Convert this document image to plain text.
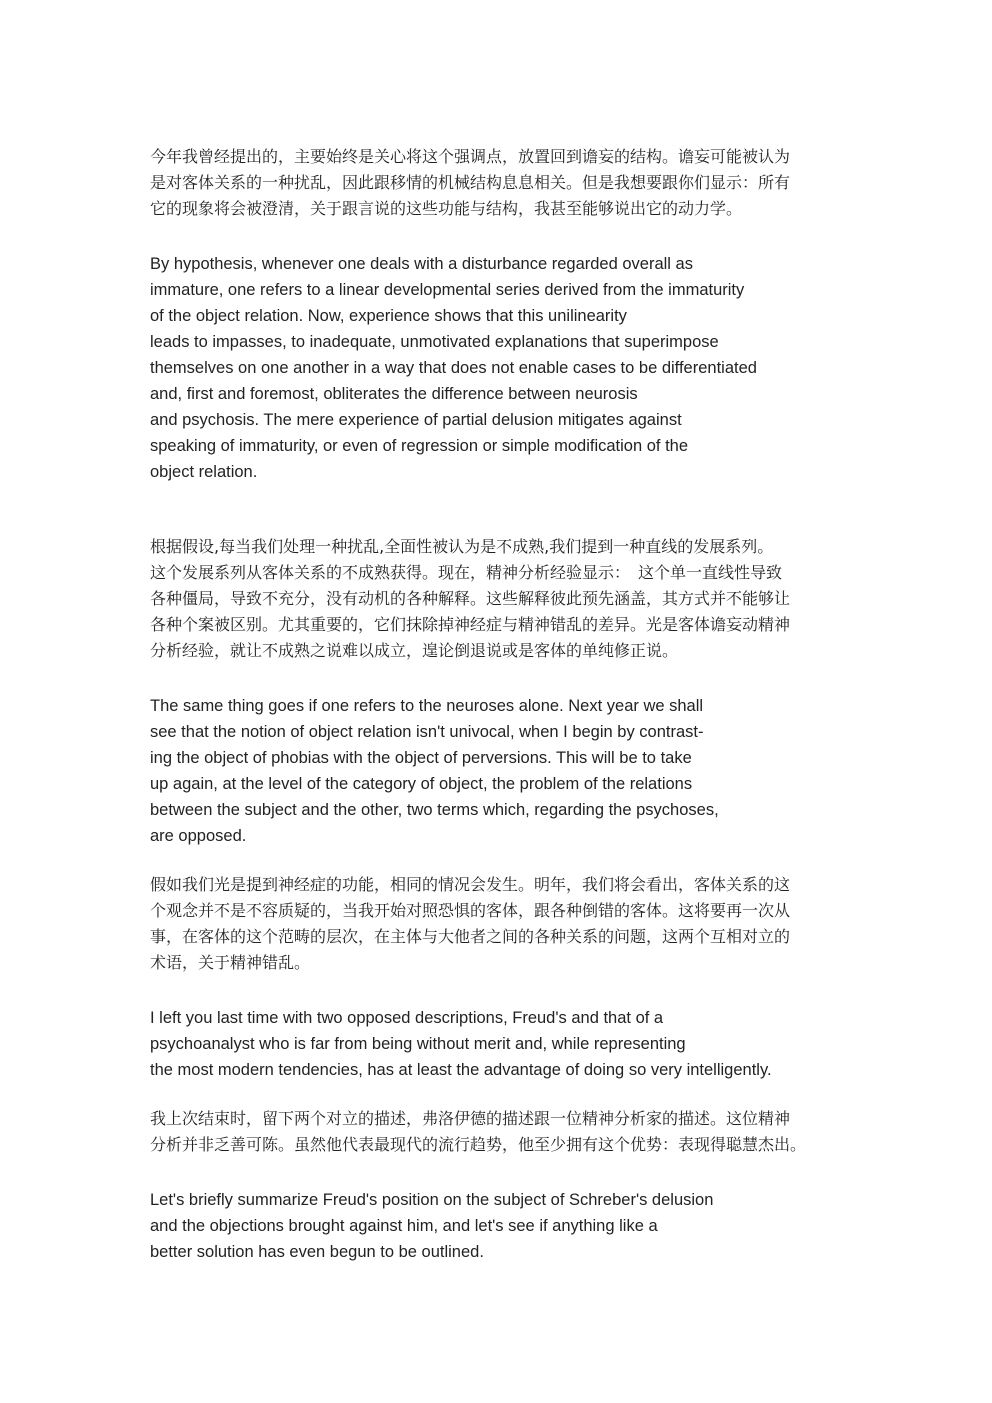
今年我曾经提出的，主要始终是关心将这个强调点，放置回到谵妄的结构。谵妄可能被认为
是对客体关系的一种扰乱，因此跟移情的机械结构息息相关。但是我想要跟你们显示：所有
它的现象将会被澄清，关于跟言说的这些功能与结构，我甚至能够说出它的动力学。
By hypothesis, whenever one deals with a disturbance regarded overall as
immature, one refers to a linear developmental series derived from the immaturity
of the object relation. Now, experience shows that this unilinearity
leads to impasses, to inadequate, unmotivated explanations that superimpose
themselves on one another in a way that does not enable cases to be differentiated
and, first and foremost, obliterates the difference between neurosis
and psychosis. The mere experience of partial delusion mitigates against
speaking of immaturity, or even of regression or simple modification of the
object relation.
根据假设,每当我们处理一种扰乱,全面性被认为是不成熟,我们提到一种直线的发展系列。
这个发展系列从客体关系的不成熟获得。现在，精神分析经验显示：　这个单一直线性导致
各种僵局，导致不充分，没有动机的各种解释。这些解释彼此预先涵盖，其方式并不能够让
各种个案被区别。尤其重要的，它们抹除掉神经症与精神错乱的差异。光是客体谵妄动精神
分析经验，就让不成熟之说难以成立，遑论倒退说或是客体的单纯修正说。
The same thing goes if one refers to the neuroses alone. Next year we shall
see that the notion of object relation isn't univocal, when I begin by contrast-
ing the object of phobias with the object of perversions. This will be to take
up again, at the level of the category of object, the problem of the relations
between the subject and the other, two terms which, regarding the psychoses,
are opposed.
假如我们光是提到神经症的功能，相同的情况会发生。明年，我们将会看出，客体关系的这
个观念并不是不容质疑的，当我开始对照恐惧的客体，跟各种倒错的客体。这将要再一次从
事，在客体的这个范畴的层次，在主体与大他者之间的各种关系的问题，这两个互相对立的
术语，关于精神错乱。
I left you last time with two opposed descriptions, Freud's and that of a
psychoanalyst who is far from being without merit and, while representing
the most modern tendencies, has at least the advantage of doing so very intelligently.
我上次结束时，留下两个对立的描述，弗洛伊德的描述跟一位精神分析家的描述。这位精神
分析并非乏善可陈。虽然他代表最现代的流行趋势，他至少拥有这个优势：表现得聪慧杰出。
Let's briefly summarize Freud's position on the subject of Schreber's delusion
and the objections brought against him, and let's see if anything like a
better solution has even begun to be outlined.
